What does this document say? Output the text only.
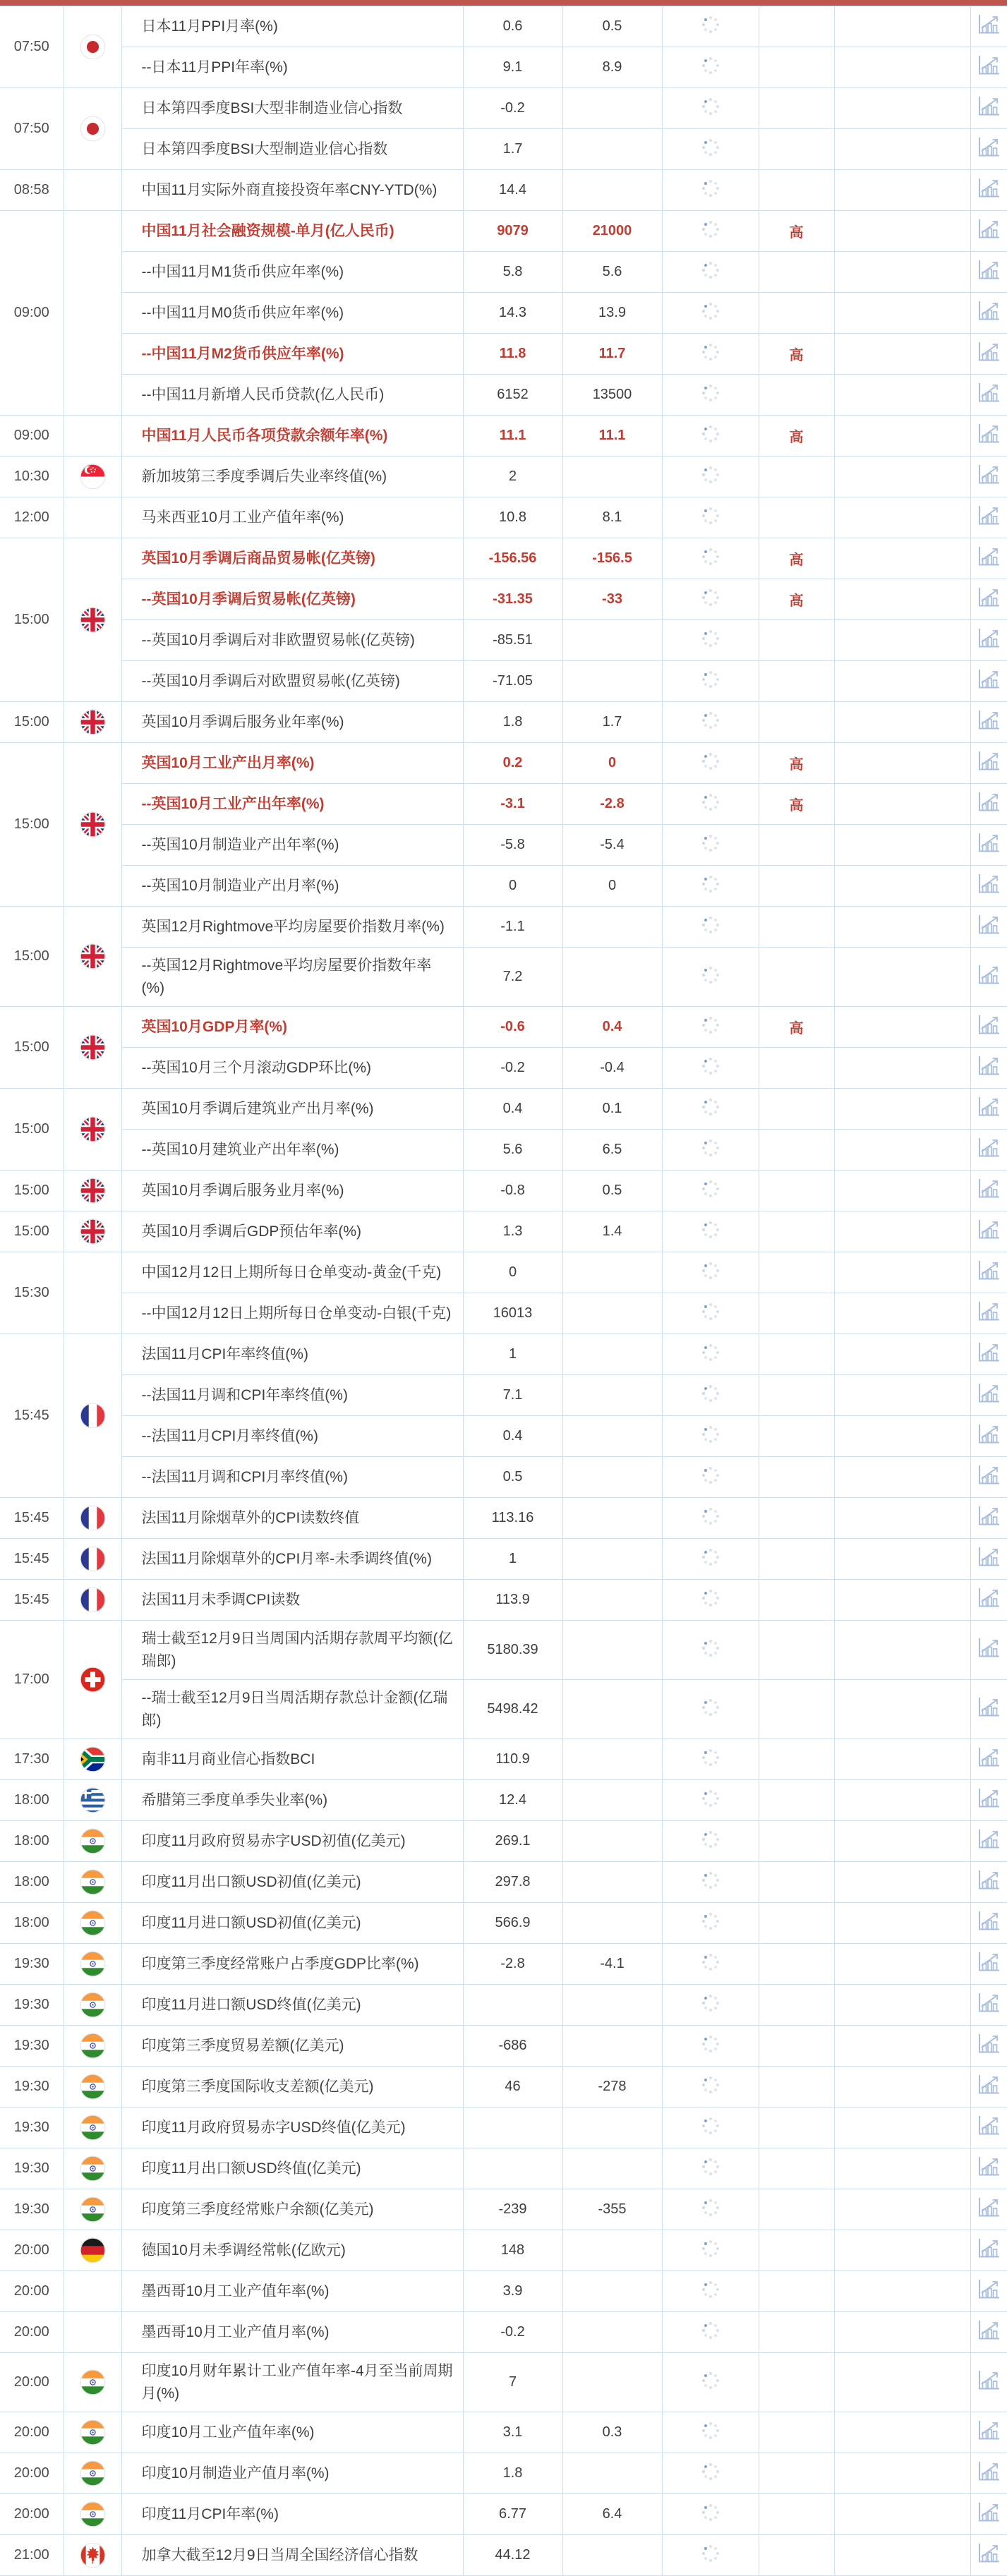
07:50		日本11月PPI月率(%)	0.6	0.5				
		--日本11月PPI年率(%)	9.1	8.9				
07:50		日本第四季度BSI大型非制造业信心指数	-0.2					
		日本第四季度BSI大型制造业信心指数	1.7					
08:58		中国11月实际外商直接投资年率CNY-YTD(%)	14.4					
09:00		中国11月社会融资规模-单月(亿人民币)	9079	21000		高		
		--中国11月M1货币供应年率(%)	5.8	5.6				
		--中国11月M0货币供应年率(%)	14.3	13.9				
		--中国11月M2货币供应年率(%)	11.8	11.7		高		
		--中国11月新增人民币贷款(亿人民币)	6152	13500				
09:00		中国11月人民币各项贷款余额年率(%)	11.1	11.1		高		
10:30		新加坡第三季度季调后失业率终值(%)	2					
12:00		马来西亚10月工业产值年率(%)	10.8	8.1				
15:00		英国10月季调后商品贸易帐(亿英镑)	-156.56	-156.5		高		
		--英国10月季调后贸易帐(亿英镑)	-31.35	-33		高		
		--英国10月季调后对非欧盟贸易帐(亿英镑)	-85.51					
		--英国10月季调后对欧盟贸易帐(亿英镑)	-71.05					
15:00		英国10月季调后服务业年率(%)	1.8	1.7				
15:00		英国10月工业产出月率(%)	0.2	0		高		
		--英国10月工业产出年率(%)	-3.1	-2.8		高		
		--英国10月制造业产出年率(%)	-5.8	-5.4				
		--英国10月制造业产出月率(%)	0	0				
15:00		英国12月Rightmove平均房屋要价指数月率(%)	-1.1					
		--英国12月Rightmove平均房屋要价指数年率(%)	7.2					
15:00		英国10月GDP月率(%)	-0.6	0.4		高		
		--英国10月三个月滚动GDP环比(%)	-0.2	-0.4				
15:00		英国10月季调后建筑业产出月率(%)	0.4	0.1				
		--英国10月建筑业产出年率(%)	5.6	6.5				
15:00		英国10月季调后服务业月率(%)	-0.8	0.5				
15:00		英国10月季调后GDP预估年率(%)	1.3	1.4				
15:30		中国12月12日上期所每日仓单变动-黄金(千克)	0					
		--中国12月12日上期所每日仓单变动-白银(千克)	16013					
15:45		法国11月CPI年率终值(%)	1					
		--法国11月调和CPI年率终值(%)	7.1					
		--法国11月CPI月率终值(%)	0.4					
		--法国11月调和CPI月率终值(%)	0.5					
15:45		法国11月除烟草外的CPI读数终值	113.16					
15:45		法国11月除烟草外的CPI月率-未季调终值(%)	1					
15:45		法国11月未季调CPI读数	113.9					
17:00		瑞士截至12月9日当周国内活期存款周平均额(亿瑞郎)	5180.39					
		--瑞士截至12月9日当周活期存款总计金额(亿瑞郎)	5498.42					
17:30		南非11月商业信心指数BCI	110.9					
18:00		希腊第三季度单季失业率(%)	12.4					
18:00		印度11月政府贸易赤字USD初值(亿美元)	269.1					
18:00		印度11月出口额USD初值(亿美元)	297.8					
18:00		印度11月进口额USD初值(亿美元)	566.9					
19:30		印度第三季度经常账户占季度GDP比率(%)	-2.8	-4.1				
19:30		印度11月进口额USD终值(亿美元)						
19:30		印度第三季度贸易差额(亿美元)	-686					
19:30		印度第三季度国际收支差额(亿美元)	46	-278				
19:30		印度11月政府贸易赤字USD终值(亿美元)						
19:30		印度11月出口额USD终值(亿美元)						
19:30		印度第三季度经常账户余额(亿美元)	-239	-355				
20:00		德国10月未季调经常帐(亿欧元)	148					
20:00		墨西哥10月工业产值年率(%)	3.9					
20:00		墨西哥10月工业产值月率(%)	-0.2					
20:00		印度10月财年累计工业产值年率-4月至当前周期月(%)	7					
20:00		印度10月工业产值年率(%)	3.1	0.3				
20:00		印度10月制造业产值月率(%)	1.8					
20:00		印度11月CPI年率(%)	6.77	6.4				
21:00		加拿大截至12月9日当周全国经济信心指数	44.12					
